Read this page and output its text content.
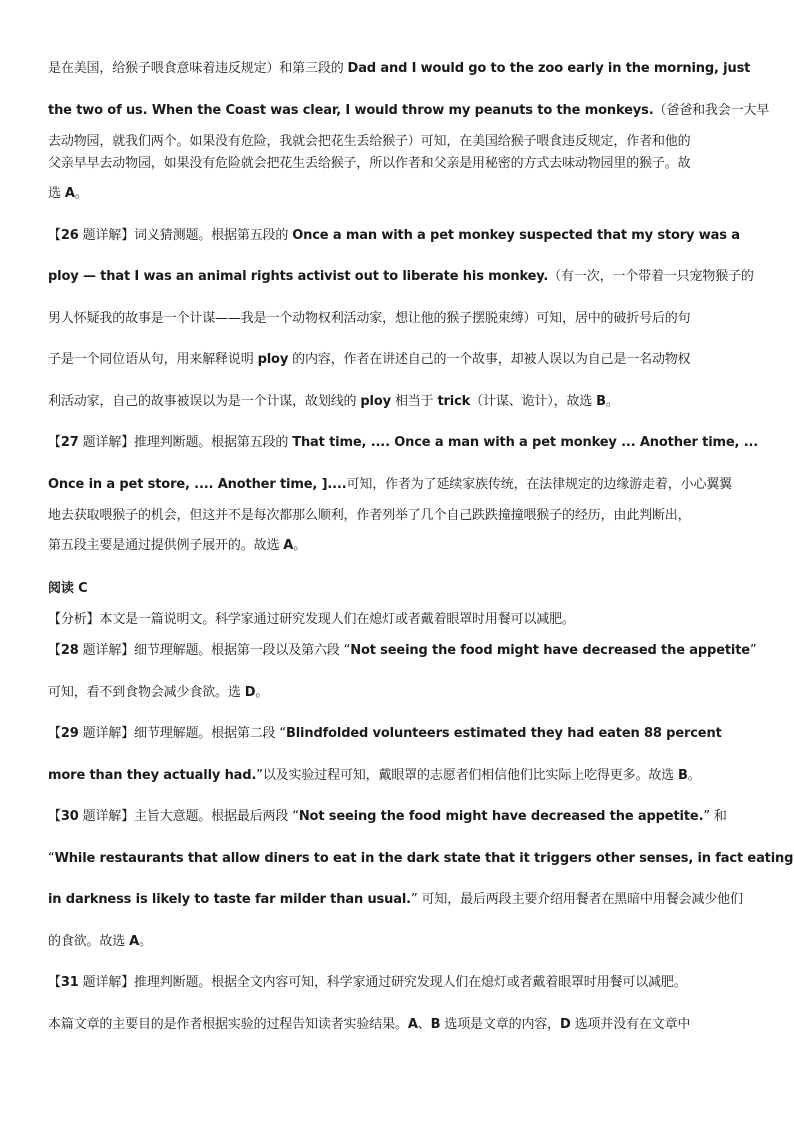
是在美国，给猴子喂食意味着违反规定）和第三段的 Dad and I would go to the zoo early in the morning, just
the two of us. When the Coast was clear, I would throw my peanuts to the monkeys.（爸爸和我会一大早
去动物园，就我们两个。如果没有危险，我就会把花生丢给猴子）可知，在美国给猴子喂食违反规定，作者和他的
父亲早早去动物园，如果没有危险就会把花生丢给猴子，所以作者和父亲是用秘密的方式去味动物园里的猴子。故
选 A。
【26 题详解】词义猜测题。根据第五段的 Once a man with a pet monkey suspected that my story was a
ploy — that I was an animal rights activist out to liberate his monkey.（有一次，一个带着一只宠物猴子的
男人怀疑我的故事是一个计谋——我是一个动物权利活动家，想让他的猴子摆脱束缚）可知，居中的破折号后的句
子是一个同位语从句，用来解释说明 ploy 的内容，作者在讲述自己的一个故事，却被人误以为自己是一名动物权
利活动家，自己的故事被误以为是一个计谋，故划线的 ploy 相当于 trick（计谋、诡计），故选 B。
【27 题详解】推理判断题。根据第五段的 That time, .... Once a man with a pet monkey ... Another time, ...
Once in a pet store, .... Another time, ]....可知，作者为了延续家族传统，在法律规定的边缘游走着，小心翼翼
地去获取喂猴子的机会，但这并不是每次都那么顺利，作者列举了几个自己跌跌撞撞喂猴子的经历，由此判断出，
第五段主要是通过提供例子展开的。故选 A。
阅读 C
【分析】本文是一篇说明文。科学家通过研究发现人们在熄灯或者戴着眼罩时用餐可以减肥。
【28 题详解】细节理解题。根据第一段以及第六段 “Not seeing the food might have decreased the appetite”
可知，看不到食物会减少食欲。选 D。
【29 题详解】细节理解题。根据第二段 “Blindfolded volunteers estimated they had eaten 88 percent
more than they actually had.”以及实验过程可知，戴眼罩的志愿者们相信他们比实际上吃得更多。故选 B。
【30 题详解】主旨大意题。根据最后两段 “Not seeing the food might have decreased the appetite.” 和
“While restaurants that allow diners to eat in the dark state that it triggers other senses, in fact eating
in darkness is likely to taste far milder than usual.” 可知，最后两段主要介绍用餐者在黑暗中用餐会减少他们
的食欲。故选 A。
【31 题详解】推理判断题。根据全文内容可知，科学家通过研究发现人们在熄灯或者戴着眼罩时用餐可以减肥。
本篇文章的主要目的是作者根据实验的过程告知读者实验结果。A、B 选项是文章的内容，D 选项并没有在文章中
